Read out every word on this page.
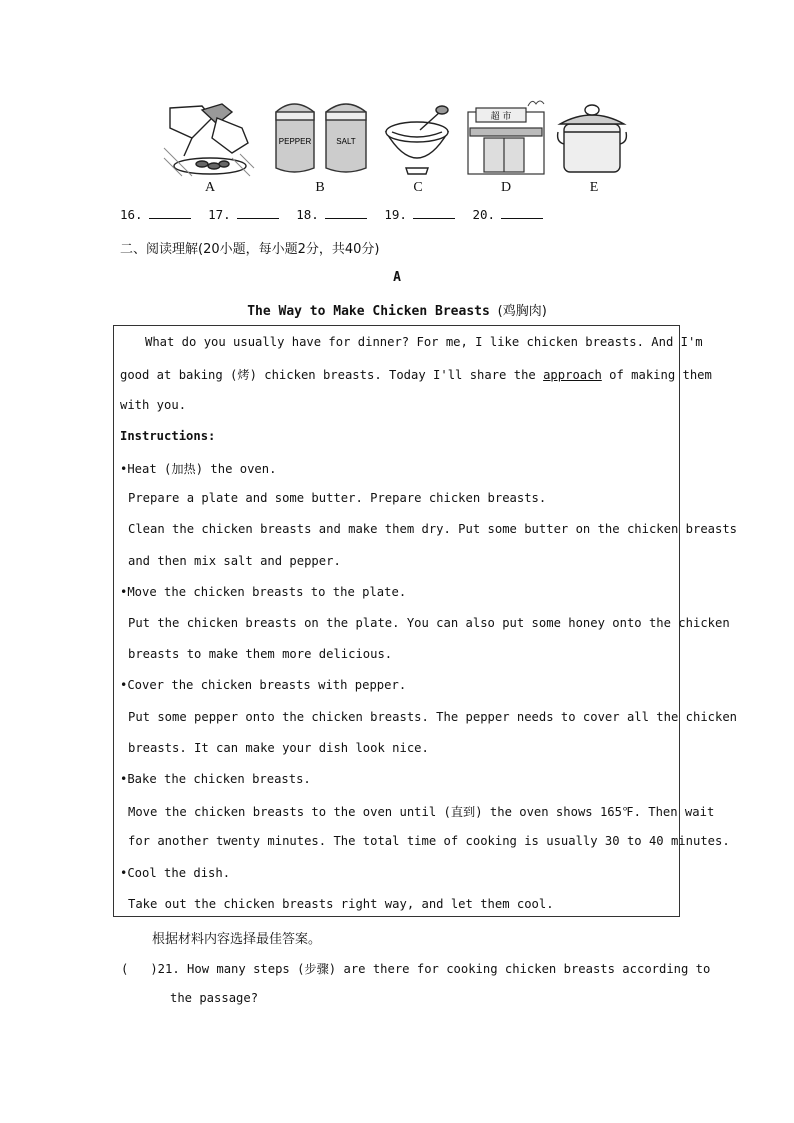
A
PEPPER	SALT
B	C
超 市
D	E
16.	17.	18.	19.	20.
二、阅读理解(20小题，每小题2分，共40分)
A
The Way to Make Chicken Breasts (鸡胸肉)
What do you usually have for dinner? For me, I like chicken breasts. And I'm
good at baking (烤) chicken breasts. Today I'll share the approach of making them
with you.
Instructions:
•Heat (加热) the oven.
Prepare a plate and some butter. Prepare chicken breasts.
Clean the chicken breasts and make them dry. Put some butter on the chicken breasts
and then mix salt and pepper.
•Move the chicken breasts to the plate.
Put the chicken breasts on the plate. You can also put some honey onto the chicken
breasts to make them more delicious.
•Cover the chicken breasts with pepper.
Put some pepper onto the chicken breasts. The pepper needs to cover all the chicken
breasts. It can make your dish look nice.
•Bake the chicken breasts.
Move the chicken breasts to the oven until (直到) the oven shows 165℉. Then wait
for another twenty minutes. The total time of cooking is usually 30 to 40 minutes.
•Cool the dish.
Take out the chicken breasts right way, and let them cool.
根据材料内容选择最佳答案。
(   )21. How many steps (步骤) are there for cooking chicken breasts according to
the passage?
